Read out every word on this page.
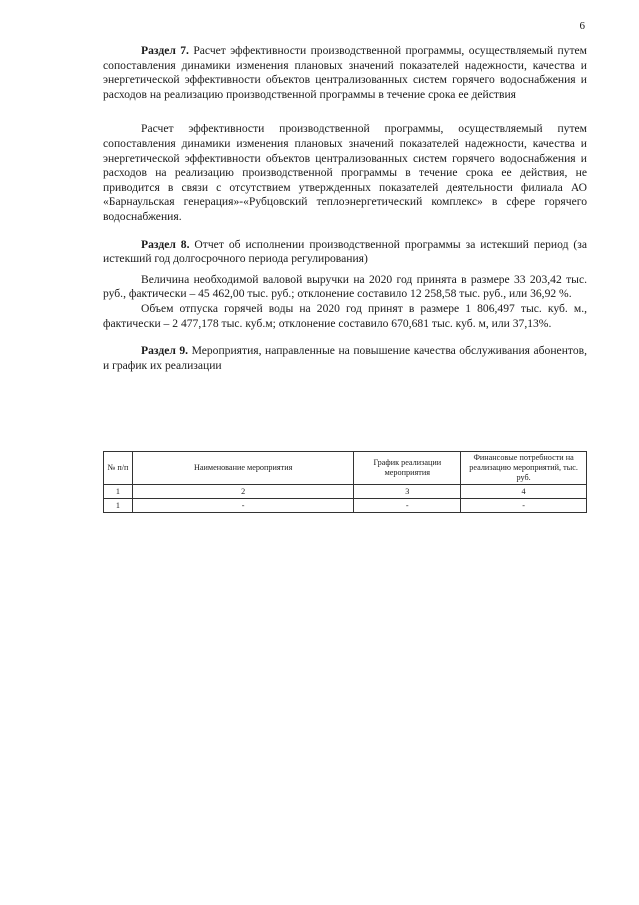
6

Раздел 7. Расчет эффективности производственной программы, осуществляемый путем сопоставления динамики изменения плановых значений показателей надежности, качества и энергетической эффективности объектов централизованных систем горячего водоснабжения и расходов на реализацию производственной программы в течение срока ее действия

Расчет эффективности производственной программы, осуществляемый путем сопоставления динамики изменения плановых значений показателей надежности, качества и энергетической эффективности объектов централизованных систем горячего водоснабжения и расходов на реализацию производственной программы в течение срока ее действия, не приводится в связи с отсутствием утвержденных показателей деятельности филиала АО «Барнаульская генерация»-«Рубцовский теплоэнергетический комплекс» в сфере горячего водоснабжения.

Раздел 8. Отчет об исполнении производственной программы за истекший период (за истекший год долгосрочного периода регулирования)

Величина необходимой валовой выручки на 2020 год принята в размере 33 203,42 тыс. руб., фактически – 45 462,00 тыс. руб.; отклонение составило 12 258,58 тыс. руб., или 36,92 %.

Объем отпуска горячей воды на 2020 год принят в размере 1 806,497 тыс. куб. м., фактически – 2 477,178 тыс. куб.м; отклонение составило 670,681 тыс. куб. м, или 37,13%.

Раздел 9. Мероприятия, направленные на повышение качества обслуживания абонентов, и график их реализации

№ п/п	Наименование мероприятия	График реализации мероприятия	Финансовые потребности на реализацию мероприятий, тыс. руб.
1	2	3	4
1	-	-	-
